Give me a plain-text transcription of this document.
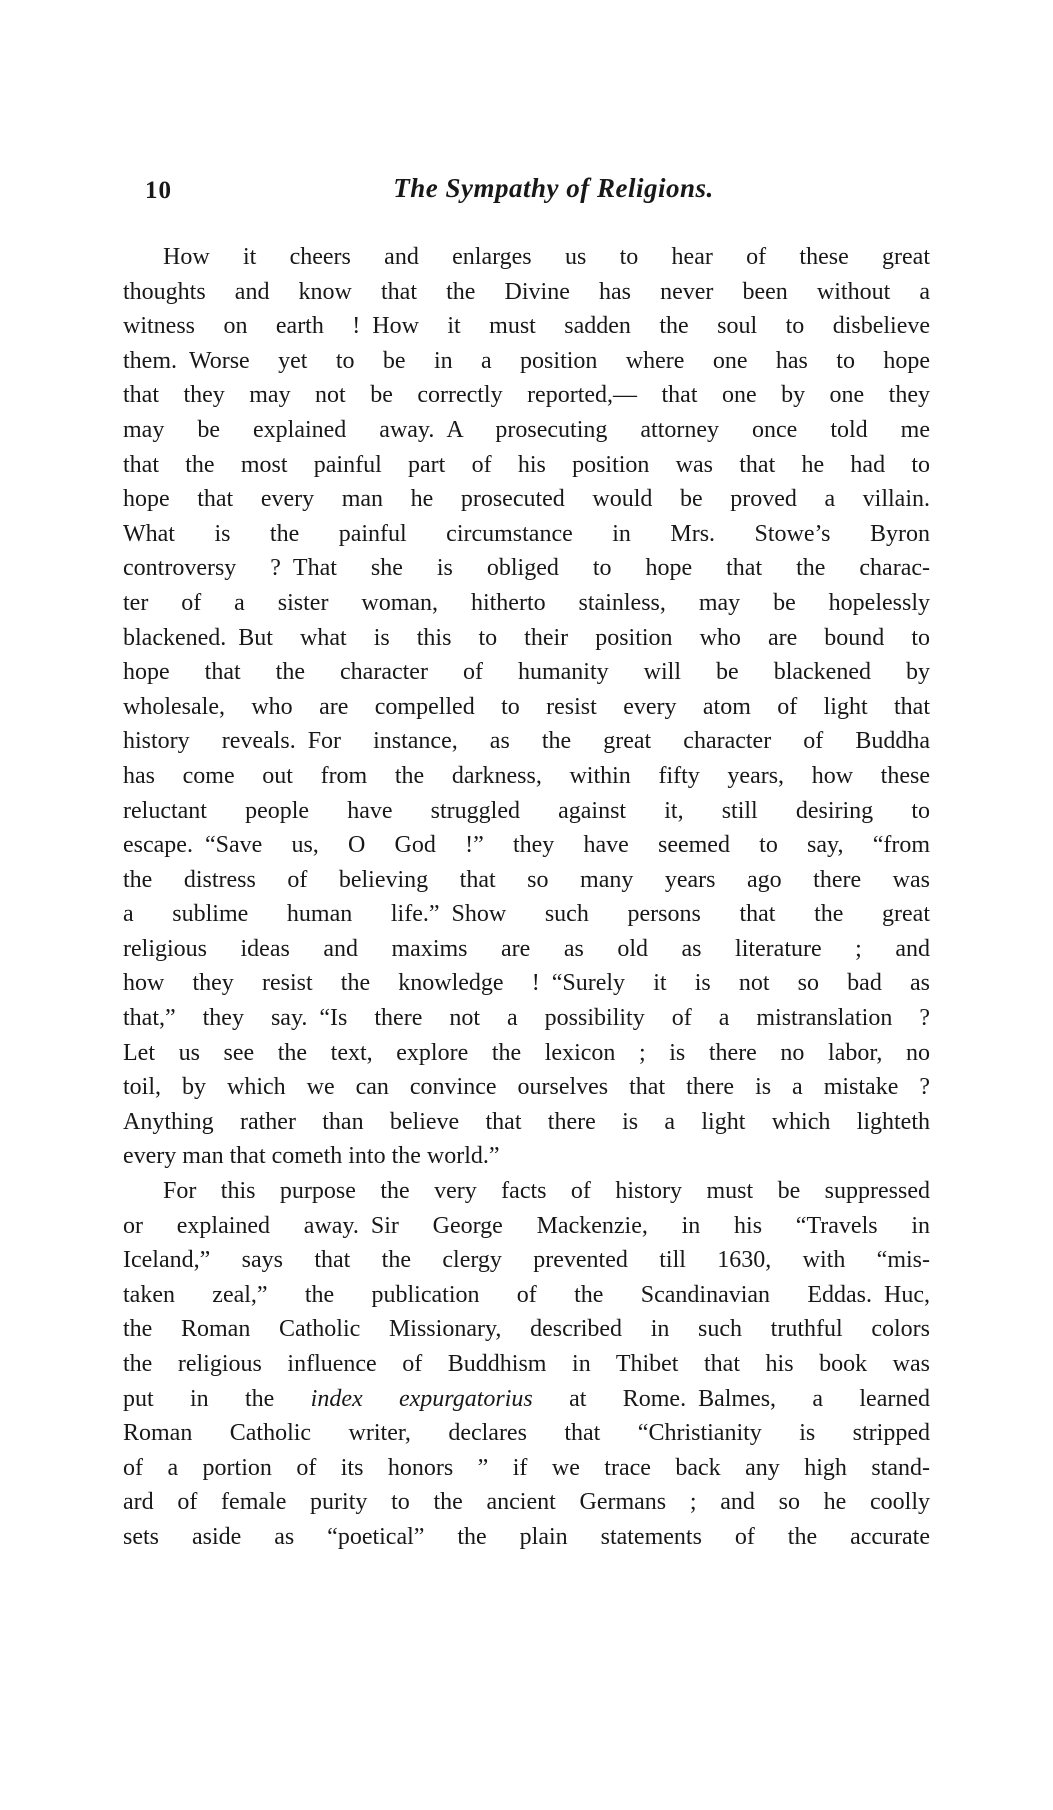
10	The Sympathy of Religions.
How it cheers and enlarges us to hear of these great
thoughts and know that the Divine has never been without a
witness on earth ! How it must sadden the soul to disbelieve
them. Worse yet to be in a position where one has to hope
that they may not be correctly reported,— that one by one they
may be explained away. A prosecuting attorney once told me
that the most painful part of his position was that he had to
hope that every man he prosecuted would be proved a villain.
What is the painful circumstance in Mrs. Stowe’s Byron
controversy ? That she is obliged to hope that the charac-
ter of a sister woman, hitherto stainless, may be hopelessly
blackened. But what is this to their position who are bound to
hope that the character of humanity will be blackened by
wholesale, who are compelled to resist every atom of light that
history reveals. For instance, as the great character of Buddha
has come out from the darkness, within fifty years, how these
reluctant people have struggled against it, still desiring to
escape. “Save us, O God !” they have seemed to say, “from
the distress of believing that so many years ago there was
a sublime human life.” Show such persons that the great
religious ideas and maxims are as old as literature ; and
how they resist the knowledge ! “Surely it is not so bad as
that,” they say. “Is there not a possibility of a mistranslation ?
Let us see the text, explore the lexicon ; is there no labor, no
toil, by which we can convince ourselves that there is a mistake ?
Anything rather than believe that there is a light which lighteth
every man that cometh into the world.”
For this purpose the very facts of history must be suppressed
or explained away. Sir George Mackenzie, in his “Travels in
Iceland,” says that the clergy prevented till 1630, with “mis-
taken zeal,” the publication of the Scandinavian Eddas. Huc,
the Roman Catholic Missionary, described in such truthful colors
the religious influence of Buddhism in Thibet that his book was
put in the index expurgatorius at Rome. Balmes, a learned
Roman Catholic writer, declares that “Christianity is stripped
of a portion of its honors ” if we trace back any high stand-
ard of female purity to the ancient Germans ; and so he coolly
sets aside as “poetical” the plain statements of the accurate
